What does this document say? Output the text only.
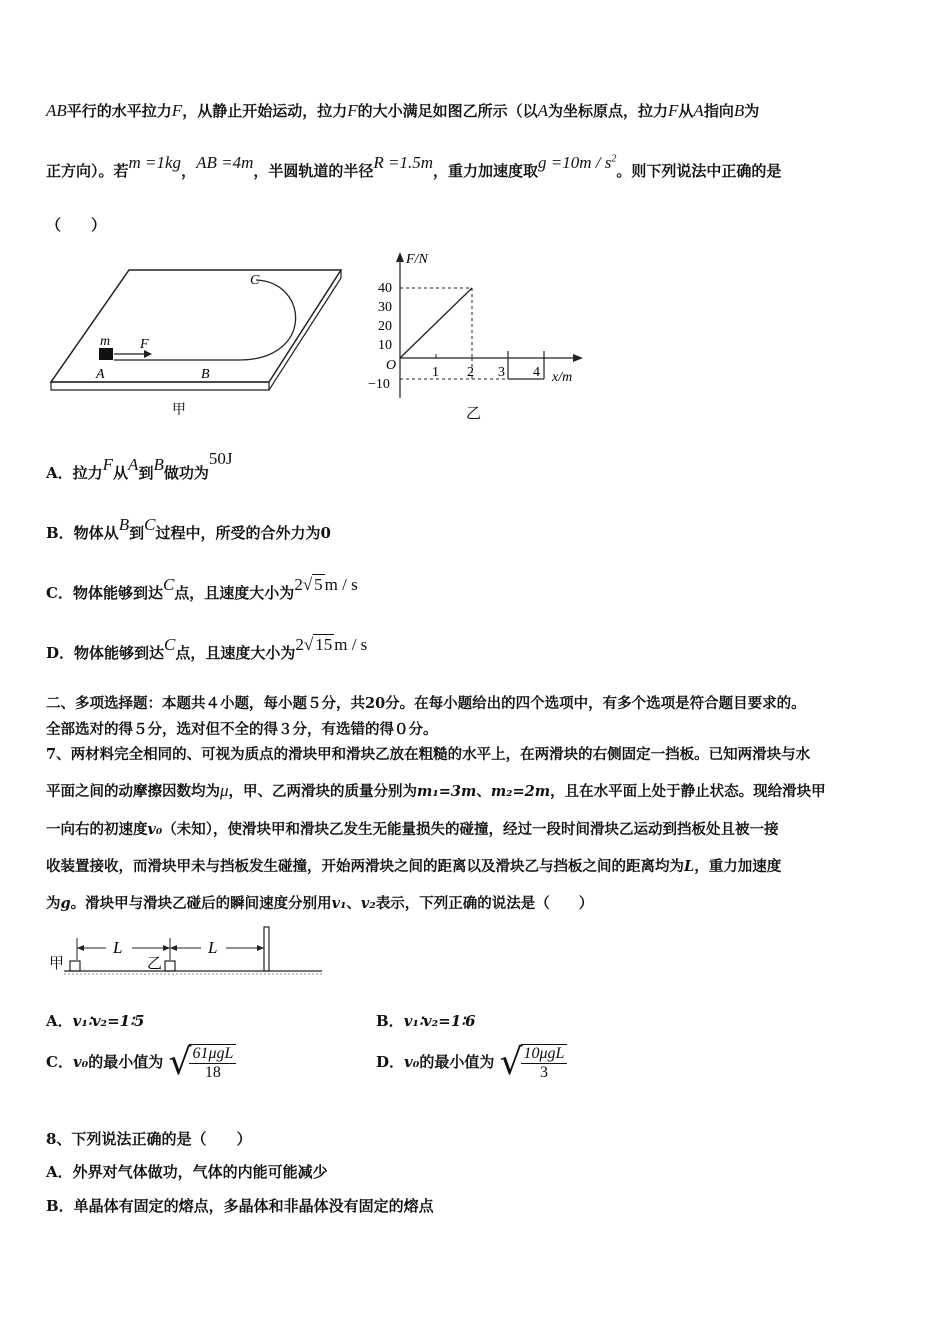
AB平行的水平拉力F，从静止开始运动，拉力F的大小满足如图乙所示（以A为坐标原点，拉力F从A指向B为
正方向）。若m =1kg，AB =4m，半圆轨道的半径R =1.5m，重力加速度取$g =10m / s^2$。则下列说法中正确的是
（　　）
m F
A	B
C
甲
F/N
x/m
O
40
30
20
10
−10
1 2 3 4
乙
A．拉力F从A到B做功为50J
B．物体从B到C过程中，所受的合外力为0
C．物体能够到达C点，且速度大小为2√ 5 m / s
D．物体能够到达C点，且速度大小为2√ 15 m / s
二、多项选择题：本题共４小题，每小题５分，共20分。在每小题给出的四个选项中，有多个选项是符合题目要求的。
全部选对的得５分，选对但不全的得３分，有选错的得０分。
7、两材料完全相同的、可视为质点的滑块甲和滑块乙放在粗糙的水平上，在两滑块的右侧固定一挡板。已知两滑块与水
平面之间的动摩擦因数均为μ，甲、乙两滑块的质量分别为m₁=3m、m₂=2m，且在水平面上处于静止状态。现给滑块甲
一向右的初速度v₀（未知），使滑块甲和滑块乙发生无能量损失的碰撞，经过一段时间滑块乙运动到挡板处且被一接
收装置接收，而滑块甲未与挡板发生碰撞，开始两滑块之间的距离以及滑块乙与挡板之间的距离均为L，重力加速度
为g。滑块甲与滑块乙碰后的瞬间速度分别用v₁、v₂表示，下列正确的说法是（　　）
L	L
甲	乙
A．v₁∶v₂=1∶5	B．v₁∶v₂=1∶6
C．v₀的最小值为 √
$\frac{\text{61μgL}}{18}$	D．v₀的最小值为 √
$\frac{\text{10μgL}}{3}$
8、下列说法正确的是（　　）
A．外界对气体做功，气体的内能可能减少
B．单晶体有固定的熔点，多晶体和非晶体没有固定的熔点
